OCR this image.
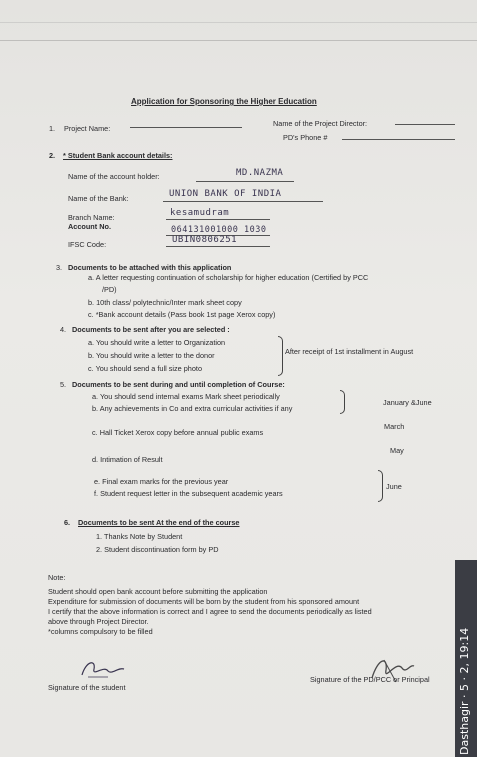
Application for Sponsoring the Higher Education
1. Project Name:
Name of the Project Director:
PD's Phone #
2. * Student Bank account details:
Name of the account holder:	MD.NAZMA
Name of the Bank:	UNION BANK OF INDIA
Branch Name:	kesamudram
Account No.	064131001000 1030
IFSC Code:	UBIN0806251
3. Documents to be attached with this application
a. A letter requesting continuation of scholarship for higher education (Certified by PCC
/PD)
b. 10th class/ polytechnic/Inter mark sheet copy
c. *Bank account details (Pass book 1st page Xerox copy)
4. Documents to be sent after you are selected :
a. You should write a letter to Organization
b. You should write a letter to the donor
c. You should send a full size photo
After receipt of 1st installment in August
5. Documents to be sent during and until completion of Course:
a. You should send internal exams Mark sheet periodically
b. Any achievements in Co and extra curricular activities if any
January &June
c. Hall Ticket Xerox copy before annual public exams
March
d. Intimation of Result
May
e. Final exam marks for the previous year
f. Student request letter in the subsequent academic years
June
6. Documents to be sent At the end of the course
1. Thanks Note by Student
2. Student discontinuation form by PD
Note:
Student should open bank account before submitting the application
Expenditure for submission of documents will be born by the student from his sponsored amount
I certify that the above information is correct and I agree to send the documents periodically as listed
above through Project Director.
*columns compulsory to be filled
Signature of the student
Signature of the PD/PCC or Principal	Dasthagir · 5 · 2, 19:14
